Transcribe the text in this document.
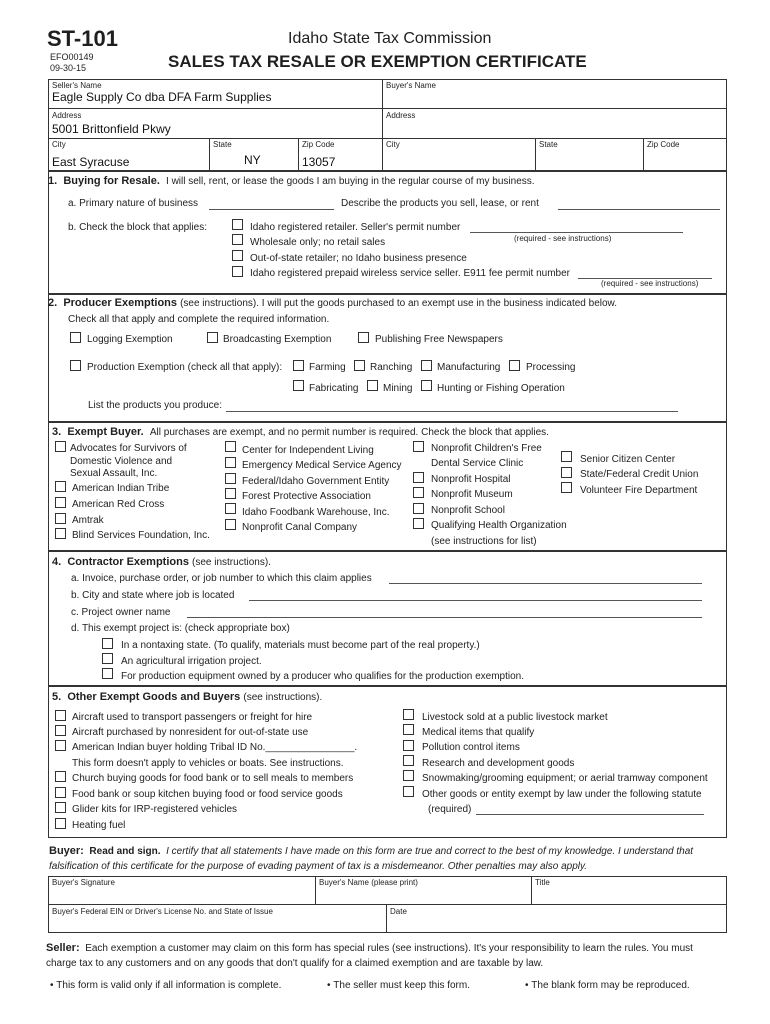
ST-101
EFO00149
09-30-15
Idaho State Tax Commission
SALES TAX RESALE OR EXEMPTION CERTIFICATE
Seller's Name
Eagle Supply Co dba DFA Farm Supplies
Buyer's Name
Address
5001 Brittonfield Pkwy
Address
City
East Syracuse
State
NY
Zip Code
13057
City	State	Zip Code
1. Buying for Resale. I will sell, rent, or lease the goods I am buying in the regular course of my business.
a. Primary nature of business	Describe the products you sell, lease, or rent
b. Check the block that applies:	Idaho registered retailer. Seller's permit number
(required - see instructions)
Wholesale only; no retail sales
Out-of-state retailer; no Idaho business presence
Idaho registered prepaid wireless service seller. E911 fee permit number
(required - see instructions)
2. Producer Exemptions (see instructions). I will put the goods purchased to an exempt use in the business indicated below.
Check all that apply and complete the required information.
Logging Exemption	Broadcasting Exemption	Publishing Free Newspapers
Production Exemption (check all that apply):	Farming Ranching Manufacturing	Processing
Fabricating Mining Hunting or Fishing Operation
List the products you produce:
3. Exempt Buyer. All purchases are exempt, and no permit number is required. Check the block that applies.
Advocates for Survivors of
Domestic Violence and
Sexual Assault, Inc.
American Indian Tribe
American Red Cross
Amtrak
Blind Services Foundation, Inc.
Center for Independent Living
Emergency Medical Service Agency
Federal/Idaho Government Entity
Forest Protective Association
Idaho Foodbank Warehouse, Inc.
Nonprofit Canal Company
Nonprofit Children's Free
Dental Service Clinic
Nonprofit Hospital
Nonprofit Museum
Nonprofit School
Qualifying Health Organization
(see instructions for list)
Senior Citizen Center
State/Federal Credit Union
Volunteer Fire Department
4. Contractor Exemptions (see instructions).
a. Invoice, purchase order, or job number to which this claim applies
b. City and state where job is located
c. Project owner name
d. This exempt project is: (check appropriate box)
In a nontaxing state. (To qualify, materials must become part of the real property.)
An agricultural irrigation project.
For production equipment owned by a producer who qualifies for the production exemption.
5. Other Exempt Goods and Buyers (see instructions).
Aircraft used to transport passengers or freight for hire
Aircraft purchased by nonresident for out-of-state use
American Indian buyer holding Tribal ID No.________________.
This form doesn't apply to vehicles or boats. See instructions.
Church buying goods for food bank or to sell meals to members
Food bank or soup kitchen buying food or food service goods
Glider kits for IRP-registered vehicles
Heating fuel
Livestock sold at a public livestock market
Medical items that qualify
Pollution control items
Research and development goods
Snowmaking/grooming equipment; or aerial tramway component
Other goods or entity exempt by law under the following statute
(required)
Buyer: Read and sign. I certify that all statements I have made on this form are true and correct to the best of my knowledge. I understand that
falsification of this certificate for the purpose of evading payment of tax is a misdemeanor. Other penalties may also apply.
Buyer's Signature	Buyer's Name (please print)	Title
Buyer's Federal EIN or Driver's License No. and State of Issue	Date
Seller: Each exemption a customer may claim on this form has special rules (see instructions). It's your responsibility to learn the rules. You must
charge tax to any customers and on any goods that don't qualify for a claimed exemption and are taxable by law.
• This form is valid only if all information is complete.	• The seller must keep this form.	• The blank form may be reproduced.
